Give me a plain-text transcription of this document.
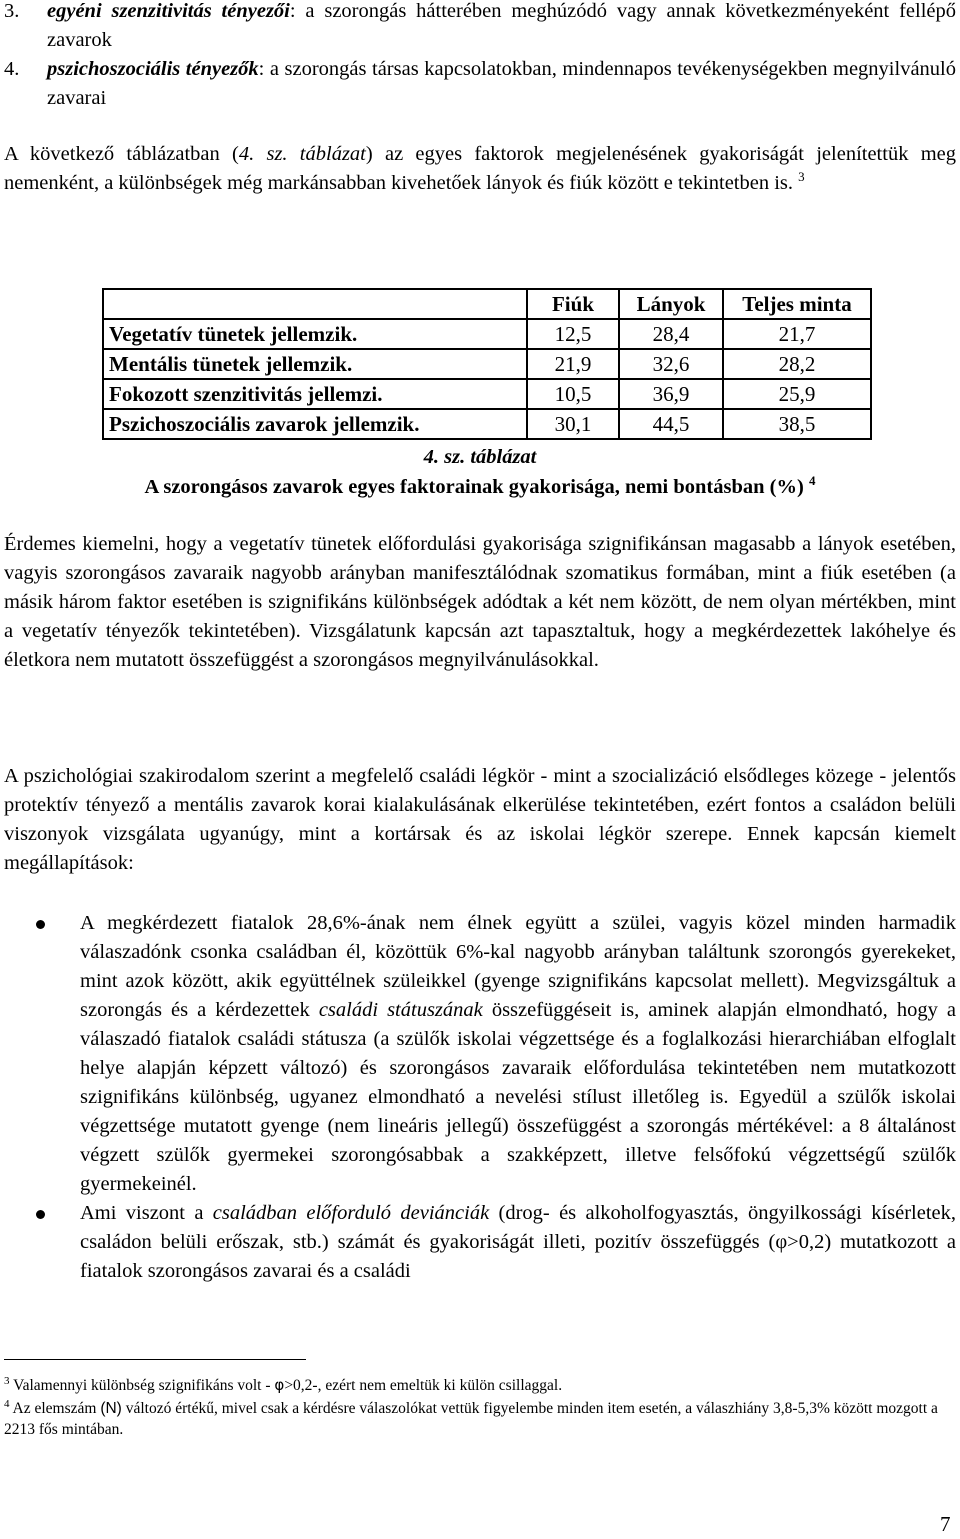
3. egyéni szenzitivitás tényezői: a szorongás hátterében meghúzódó vagy annak következményeként fellépő zavarok
4. pszichoszociális tényezők: a szorongás társas kapcsolatokban, mindennapos tevékenységekben megnyilvánuló zavarai

A következő táblázatban (4. sz. táblázat) az egyes faktorok megjelenésének gyakoriságát jelenítettük meg nemenként, a különbségek még markánsabban kivehetőek lányok és fiúk között e tekintetben is. $^3$

	Fiúk	Lányok	Teljes minta
Vegetatív tünetek jellemzik.	12,5	28,4	21,7
Mentális tünetek jellemzik.	21,9	32,6	28,2
Fokozott szenzitivitás jellemzi.	10,5	36,9	25,9
Pszichoszociális zavarok jellemzik.	30,1	44,5	38,5
4. sz. táblázat
A szorongásos zavarok egyes faktorainak gyakorisága, nemi bontásban (%) $^4$

Érdemes kiemelni, hogy a vegetatív tünetek előfordulási gyakorisága szignifikánsan magasabb a lányok esetében, vagyis szorongásos zavaraik nagyobb arányban manifesztálódnak szomatikus formában, mint a fiúk esetében (a másik három faktor esetében is szignifikáns különbségek adódtak a két nem között, de nem olyan mértékben, mint a vegetatív tényezők tekintetében). Vizsgálatunk kapcsán azt tapasztaltuk, hogy a megkérdezettek lakóhelye és életkora nem mutatott összefüggést a szorongásos megnyilvánulásokkal.

A pszichológiai szakirodalom szerint a megfelelő családi légkör - mint a szocializáció elsődleges közege - jelentős protektív tényező a mentális zavarok korai kialakulásának elkerülése tekintetében, ezért fontos a családon belüli viszonyok vizsgálata ugyanúgy, mint a kortársak és az iskolai légkör szerepe. Ennek kapcsán kiemelt megállapítások:

A megkérdezett fiatalok 28,6%-ának nem élnek együtt a szülei, vagyis közel minden harmadik válaszadónk csonka családban él, közöttük 6%-kal nagyobb arányban találtunk szorongós gyerekeket, mint azok között, akik együttélnek szüleikkel (gyenge szignifikáns kapcsolat mellett). Megvizsgáltuk a szorongás és a kérdezettek családi státuszának összefüggéseit is, aminek alapján elmondható, hogy a válaszadó fiatalok családi státusza (a szülők iskolai végzettsége és a foglalkozási hierarchiában elfoglalt helye alapján képzett változó) és szorongásos zavaraik előfordulása tekintetében nem mutatkozott szignifikáns különbség, ugyanez elmondható a nevelési stílust illetőleg is. Egyedül a szülők iskolai végzettsége mutatott gyenge (nem lineáris jellegű) összefüggést a szorongás mértékével: a 8 általánost végzett szülők gyermekei szorongósabbak a szakképzett, illetve felsőfokú végzettségű szülők gyermekeinél.
Ami viszont a családban előforduló deviánciák (drog- és alkoholfogyasztás, öngyilkossági kísérletek, családon belüli erőszak, stb.) számát és gyakoriságát illeti, pozitív összefüggés (φ>0,2) mutatkozott a fiatalok szorongásos zavarai és a családi
$^3$ Valamennyi különbség szignifikáns volt - φ>0,2-, ezért nem emeltük ki külön csillaggal.
$^4$ Az elemszám (N) változó értékű, mivel csak a kérdésre válaszolókat vettük figyelembe minden item esetén, a válaszhiány 3,8-5,3% között mozgott a 2213 fős mintában.
7
